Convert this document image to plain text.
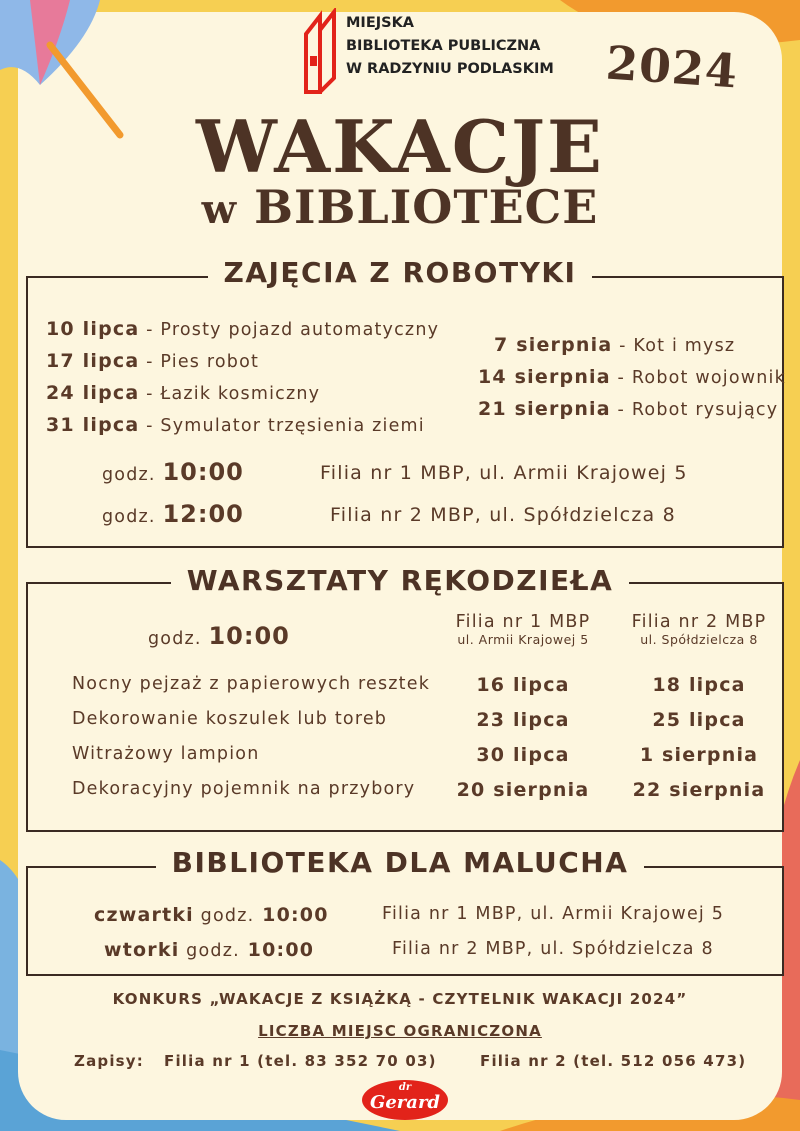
MIEJSKA
BIBLIOTEKA PUBLICZNA
W RADZYNIU PODLASKIM 2024
WAKACJE
w BIBLIOTECE
ZAJĘCIA Z ROBOTYKI
10 lipca - Prosty pojazd automatyczny
17 lipca - Pies robot
24 lipca - Łazik kosmiczny
31 lipca - Symulator trzęsienia ziemi
7 sierpnia - Kot i mysz
14 sierpnia - Robot wojownik
21 sierpnia - Robot rysujący
godz. 10:00	Filia nr 1 MBP, ul. Armii Krajowej 5
godz. 12:00	Filia nr 2 MBP, ul. Spółdzielcza 8
WARSZTATY RĘKODZIEŁA
godz. 10:00	Filia nr 1 MBP
ul. Armii Krajowej 5
Filia nr 2 MBP
ul. Spółdzielcza 8
Nocny pejzaż z papierowych resztek	16 lipca	18 lipca
Dekorowanie koszulek lub toreb	23 lipca	25 lipca
Witrażowy lampion	30 lipca	1 sierpnia
Dekoracyjny pojemnik na przybory	20 sierpnia	22 sierpnia
BIBLIOTEKA DLA MALUCHA
czwartki godz. 10:00	Filia nr 1 MBP, ul. Armii Krajowej 5
wtorki godz. 10:00	Filia nr 2 MBP, ul. Spółdzielcza 8
KONKURS „WAKACJE Z KSIĄŻKĄ - CZYTELNIK WAKACJI 2024”
LICZBA MIEJSC OGRANICZONA
Zapisy: Filia nr 1 (tel. 83 352 70 03)	Filia nr 2 (tel. 512 056 473)
dr
Gerard
